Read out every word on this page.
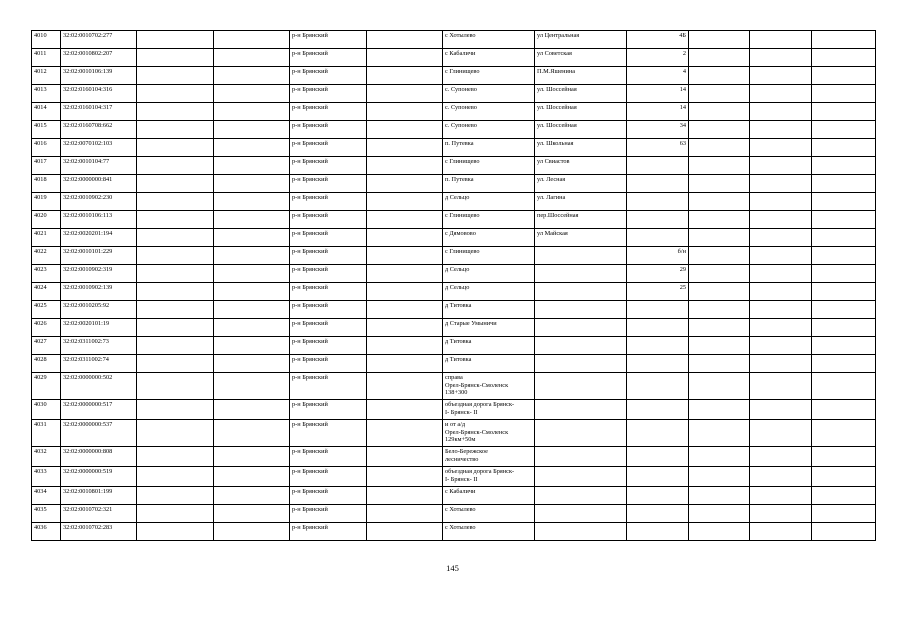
4010	32:02:0010702:277			р-н Брянский		с Хотылево	ул Центральная	4Б			
4011	32:02:0010802:207			р-н Брянский		с Кабаличи	ул Советская	2			
4012	32:02:0010106:139			р-н Брянский		с Глинищево	П.М.Яшенина	4			
4013	32:02:0160104:316			р-н Брянский		с. Супонево	ул. Шоссейная	14			
4014	32:02:0160104:317			р-н Брянский		с. Супонево	ул. Шоссейная	14			
4015	32:02:0160708:662			р-н Брянский		с. Супонево	ул. Шоссейная	34			
4016	32:02:0070102:103			р-н Брянский		п. Путевка	ул. Школьная	63			
4017	32:02:0010104:77			р-н Брянский		с Глинищево	ул Свиастов				
4018	32:02:0000000:841			р-н Брянский		п. Путевка	ул. Лесная				
4019	32:02:0010902:230			р-н Брянский		д Сельцо	ул. Лагина				
4020	32:02:0010106:113			р-н Брянский		с Глинищево	пер.Шоссейная				
4021	32:02:0020201:194			р-н Брянский		с Дямовово	ул Майская				
4022	32:02:0010101:229			р-н Брянский		с Глинищево		б/н			
4023	32:02:0010902:319			р-н Брянский		д Сельцо		29			
4024	32:02:0010902:139			р-н Брянский		д Сельцо		25			
4025	32:02:0010205:92			р-н Брянский		д Титовка					
4026	32:02:0020101:19			р-н Брянский		д Старые Умыничи					
4027	32:02:0311002:73			р-н Брянский		д Титовка					
4028	32:02:0311002:74			р-н Брянский		д Титовка					
4029	32:02:0000000:502			р-н Брянский		справа
Орел-Брянск-Смоленск
138+300					
4030	32:02:0000000:517			р-н Брянский		объездная дорога Брянск-
I- Брянск- II					
4031	32:02:0000000:537			р-н Брянский		и от а/д
Орел-Брянск-Смоленск
129км+50м					
4032	32:02:0000000:808			р-н Брянский		Бело-Бережское
лесничество					
4033	32:02:0000000:519			р-н Брянский		объездная дорога Брянск-
I- Брянск- II					
4034	32:02:0010801:199			р-н Брянский		с Кабаличи					
4035	32:02:0010702:321			р-н Брянский		с Хотылево					
4036	32:02:0010702:283			р-н Брянский		с Хотылево					
145
